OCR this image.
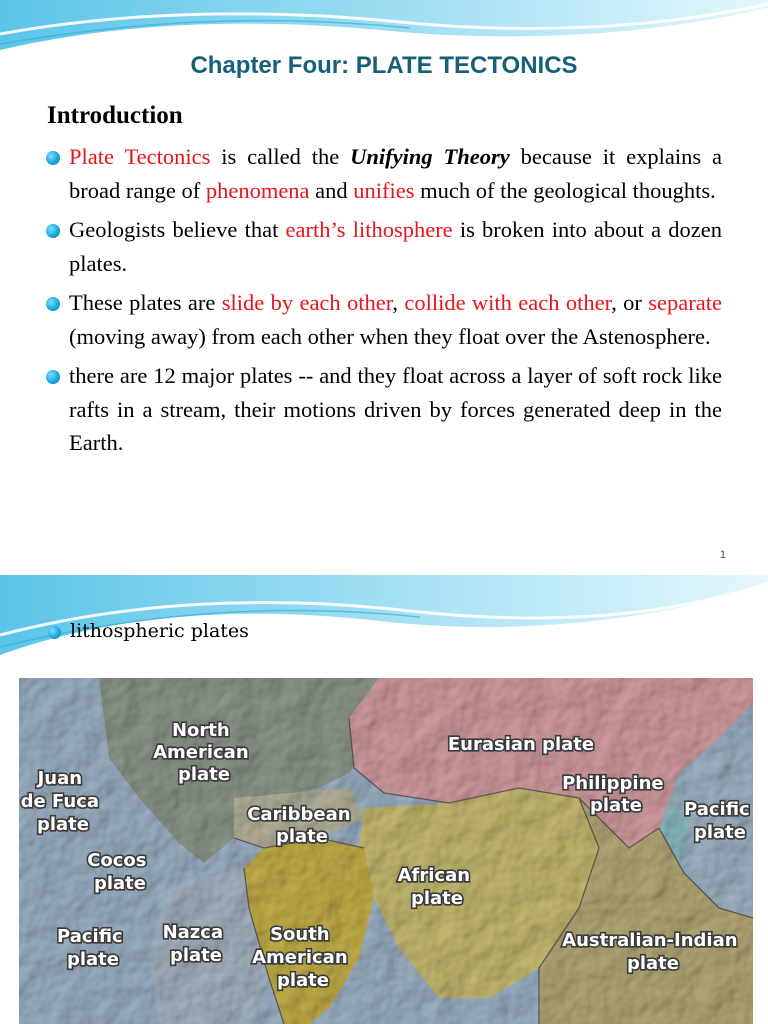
Chapter Four: PLATE TECTONICS
Introduction
Plate Tectonics is called the Unifying Theory because it explains a broad range of phenomena and unifies much of the geological thoughts.
Geologists believe that earth’s lithosphere is broken into about a dozen plates.
These plates are slide by each other, collide with each other, or separate (moving away) from each other when they float over the Astenosphere.
there are 12 major plates -- and they float across a layer of soft rock like rafts in a stream, their motions driven by forces generated deep in the Earth.
1
lithospheric plates
North American plate
Juan de Fuca plate
Cocos plate
Pacific plate
Nazca plate
Caribbean plate
South American plate
African plate
Eurasian plate
Philippine plate	Pacific plate
Australian-Indian plate
